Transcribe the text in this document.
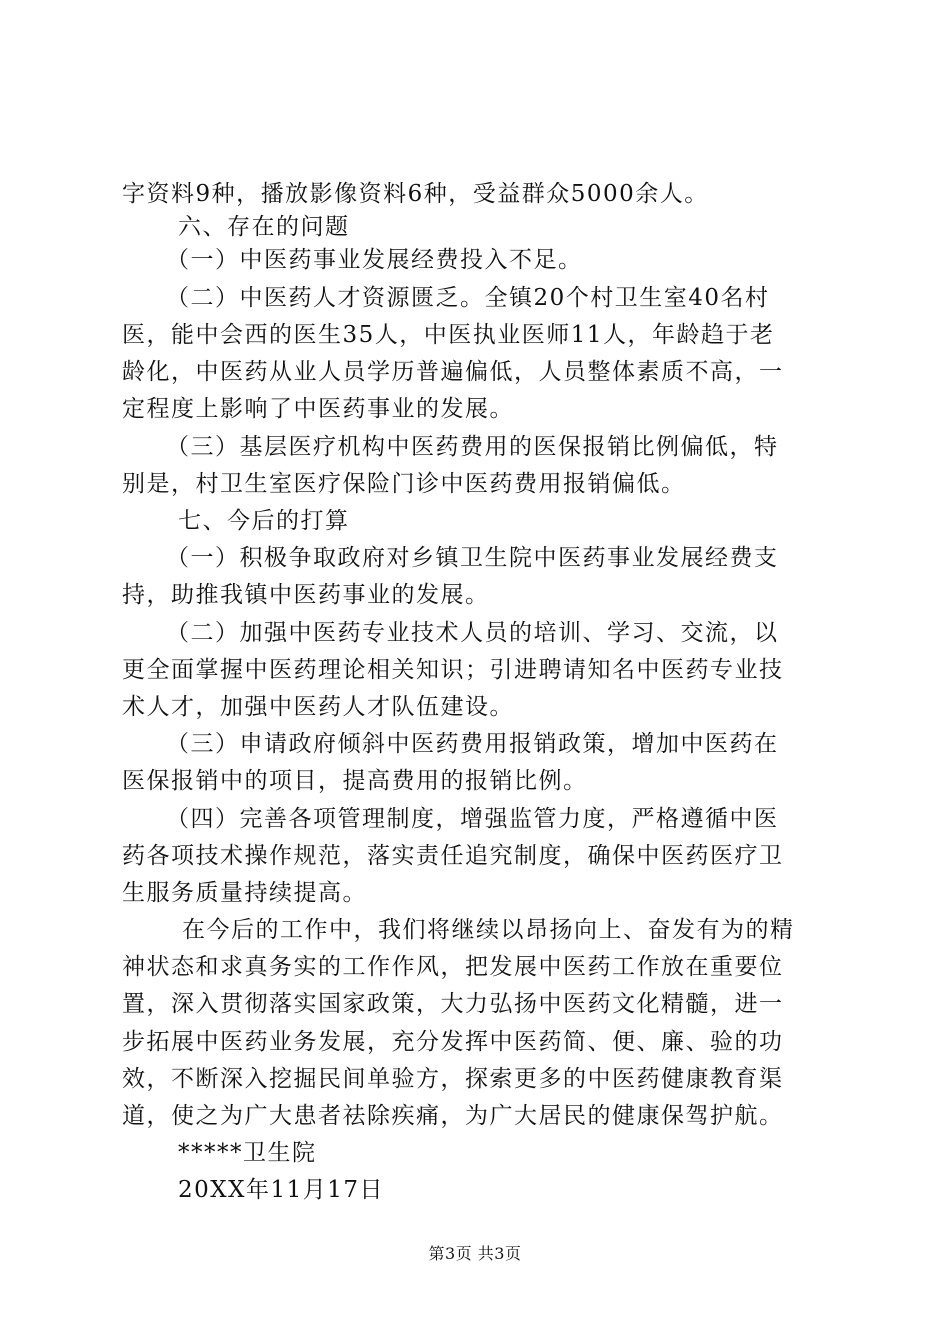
字资料9种，播放影像资料6种，受益群众5000余人。
六、存在的问题
（一）中医药事业发展经费投入不足。
（二）中医药人才资源匮乏。全镇20个村卫生室40名村
医，能中会西的医生35人，中医执业医师11人，年龄趋于老
龄化，中医药从业人员学历普遍偏低，人员整体素质不高，一
定程度上影响了中医药事业的发展。
（三）基层医疗机构中医药费用的医保报销比例偏低，特
别是，村卫生室医疗保险门诊中医药费用报销偏低。
七、今后的打算
（一）积极争取政府对乡镇卫生院中医药事业发展经费支
持，助推我镇中医药事业的发展。
（二）加强中医药专业技术人员的培训、学习、交流，以
更全面掌握中医药理论相关知识；引进聘请知名中医药专业技
术人才，加强中医药人才队伍建设。
（三）申请政府倾斜中医药费用报销政策，增加中医药在
医保报销中的项目，提高费用的报销比例。
（四）完善各项管理制度，增强监管力度，严格遵循中医
药各项技术操作规范，落实责任追究制度，确保中医药医疗卫
生服务质量持续提高。
在今后的工作中，我们将继续以昂扬向上、奋发有为的精
神状态和求真务实的工作作风，把发展中医药工作放在重要位
置，深入贯彻落实国家政策，大力弘扬中医药文化精髓，进一
步拓展中医药业务发展，充分发挥中医药简、便、廉、验的功
效，不断深入挖掘民间单验方，探索更多的中医药健康教育渠
道，使之为广大患者祛除疾痛，为广大居民的健康保驾护航。
*****卫生院
20XX年11月17日
第3页 共3页
